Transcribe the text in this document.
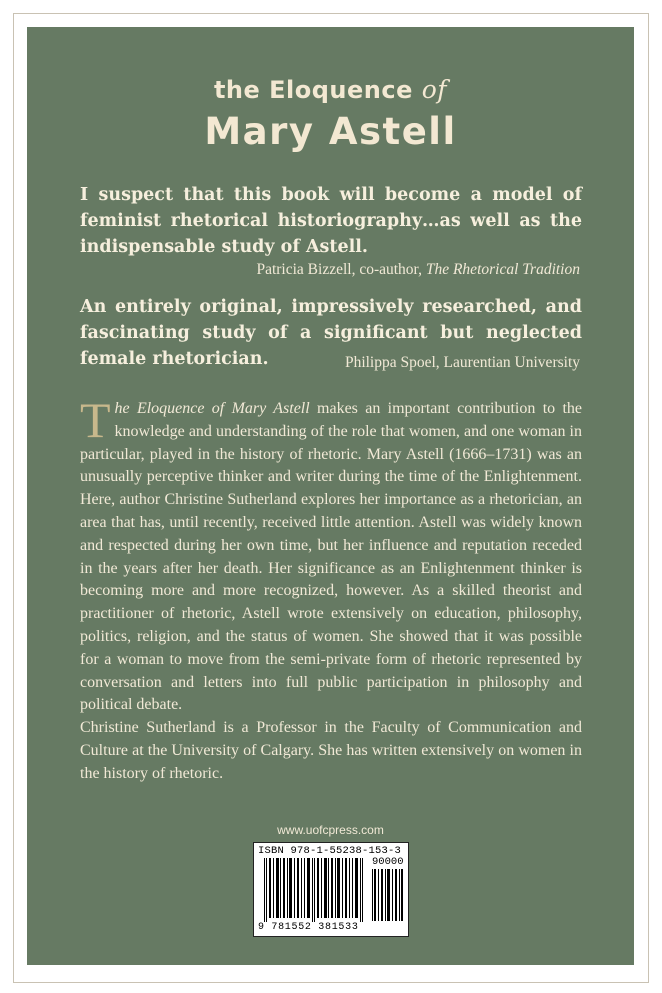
the Eloquence of
Mary Astell
I suspect that this book will become a model of feminist rhetorical historiography…as well as the indispensable study of Astell.
Patricia Bizzell, co-author, The Rhetorical Tradition
An entirely original, impressively researched, and fascinating study of a significant but neglected female rhetorician.	Philippa Spoel, Laurentian University
The Eloquence of Mary Astell makes an important contribution to the knowledge and understanding of the role that women, and one woman in particular, played in the history of rhetoric. Mary Astell (1666–1731) was an unusually perceptive thinker and writer during the time of the Enlightenment. Here, author Christine Sutherland explores her importance as a rhetorician, an area that has, until recently, received little attention. Astell was widely known and respected during her own time, but her influence and reputation receded in the years after her death. Her significance as an Enlightenment thinker is becoming more and more recognized, however. As a skilled theorist and practitioner of rhetoric, Astell wrote extensively on education, philosophy, politics, religion, and the status of women. She showed that it was possible for a woman to move from the semi-private form of rhetoric represented by conversation and letters into full public participation in philosophy and political debate.
Christine Sutherland is a Professor in the Faculty of Communication and Culture at the University of Calgary. She has written extensively on women in the history of rhetoric.
www.uofcpress.com
ISBN 978-1-55238-153-3
90000
9 781552 381533
